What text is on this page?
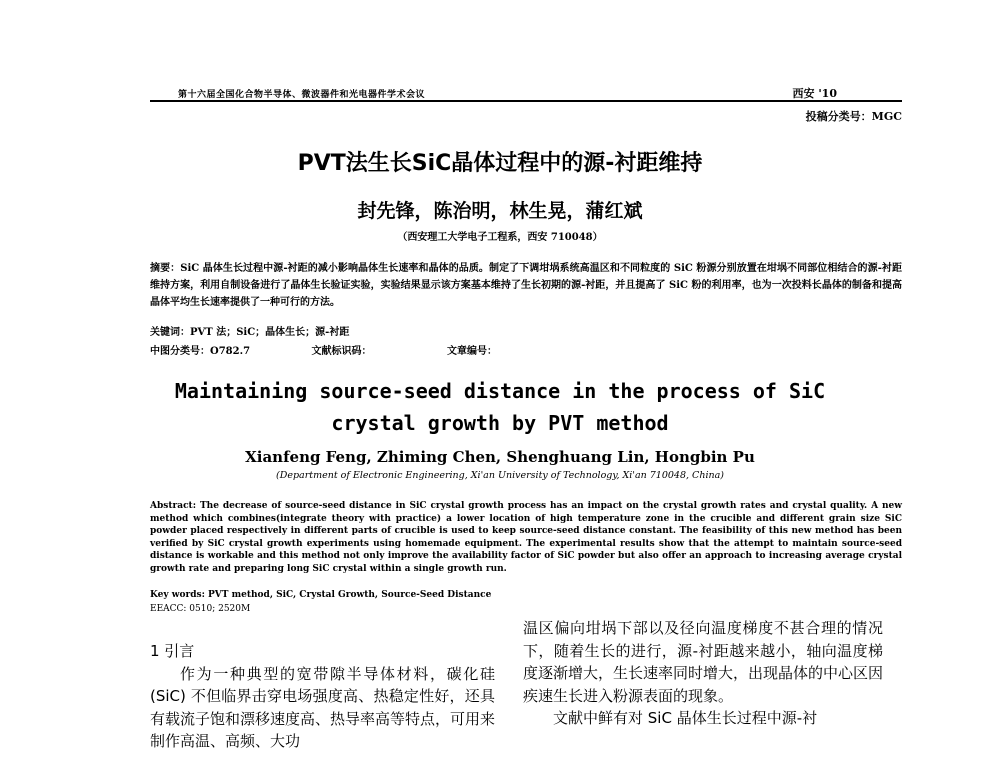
第十六届全国化合物半导体、微波器件和光电器件学术会议	西安 '10
投稿分类号：MGC
PVT法生长SiC晶体过程中的源-衬距维持
封先锋，陈治明，林生晃，蒲红斌
（西安理工大学电子工程系，西安 710048）
摘要：SiC 晶体生长过程中源-衬距的减小影响晶体生长速率和晶体的品质。制定了下调坩埚系统高温区和不同粒度的 SiC 粉源分别放置在坩埚不同部位相结合的源-衬距维持方案，利用自制设备进行了晶体生长验证实验，实验结果显示该方案基本维持了生长初期的源-衬距，并且提高了 SiC 粉的利用率，也为一次投料长晶体的制备和提高晶体平均生长速率提供了一种可行的方法。
关键词：PVT 法；SiC；晶体生长；源-衬距
中图分类号：O782.7	文献标识码：	文章编号：
Maintaining source-seed distance in the process of SiC
crystal growth by PVT method
Xianfeng Feng, Zhiming Chen, Shenghuang Lin, Hongbin Pu
(Department of Electronic Engineering, Xi'an University of Technology, Xi'an 710048, China)
Abstract: The decrease of source-seed distance in SiC crystal growth process has an impact on the crystal growth rates and crystal quality. A new method which combines(integrate theory with practice) a lower location of high temperature zone in the crucible and different grain size SiC powder placed respectively in different parts of crucible is used to keep source-seed distance constant. The feasibility of this new method has been verified by SiC crystal growth experiments using homemade equipment. The experimental results show that the attempt to maintain source-seed distance is workable and this method not only improve the availability factor of SiC powder but also offer an approach to increasing average crystal growth rate and preparing long SiC crystal within a single growth run.
Key words: PVT method, SiC, Crystal Growth, Source-Seed Distance
EEACC: 0510; 2520M

1 引言

作为一种典型的宽带隙半导体材料，碳化硅(SiC) 不但临界击穿电场强度高、热稳定性好，还具有载流子饱和漂移速度高、热导率高等特点，可用来制作高温、高频、大功

温区偏向坩埚下部以及径向温度梯度不甚合理的情况下，随着生长的进行，源-衬距越来越小，轴向温度梯度逐渐增大，生长速率同时增大，出现晶体的中心区因疾速生长进入粉源表面的现象。

文献中鲜有对 SiC 晶体生长过程中源-衬
